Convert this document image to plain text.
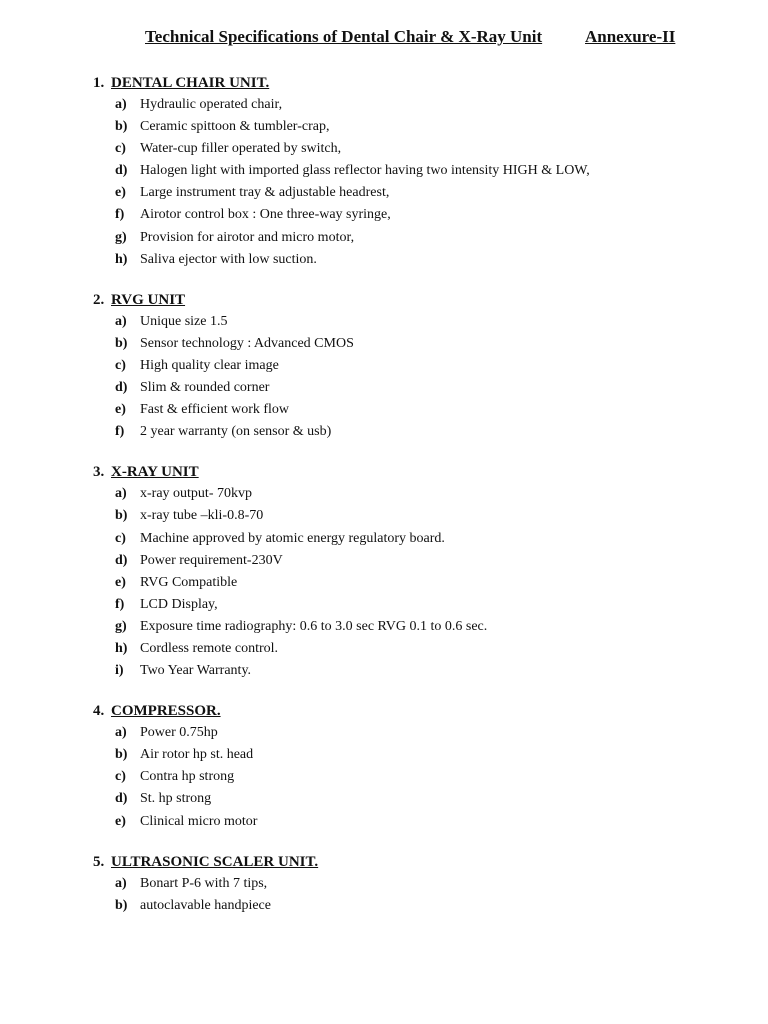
Technical Specifications of Dental Chair & X-Ray Unit	Annexure-II
1. DENTAL CHAIR UNIT.
a) Hydraulic operated chair,
b) Ceramic spittoon & tumbler-crap,
c) Water-cup filler operated by switch,
d) Halogen light with imported glass reflector having two intensity HIGH & LOW,
e) Large instrument tray & adjustable headrest,
f) Airotor control box : One three-way syringe,
g) Provision for airotor and micro motor,
h) Saliva ejector with low suction.
2. RVG UNIT
a) Unique size 1.5
b) Sensor technology : Advanced CMOS
c) High quality clear image
d) Slim & rounded corner
e) Fast & efficient work flow
f) 2 year warranty (on sensor & usb)
3. X-RAY UNIT
a) x-ray output- 70kvp
b) x-ray tube –kli-0.8-70
c) Machine approved by atomic energy regulatory board.
d) Power requirement-230V
e) RVG Compatible
f) LCD Display,
g) Exposure time radiography: 0.6 to 3.0 sec RVG 0.1 to 0.6 sec.
h) Cordless remote control.
i) Two Year Warranty.
4. COMPRESSOR.
a) Power 0.75hp
b) Air rotor hp st. head
c) Contra hp strong
d) St. hp strong
e) Clinical micro motor
5. ULTRASONIC SCALER UNIT.
a) Bonart P-6 with 7 tips,
b) autoclavable handpiece
